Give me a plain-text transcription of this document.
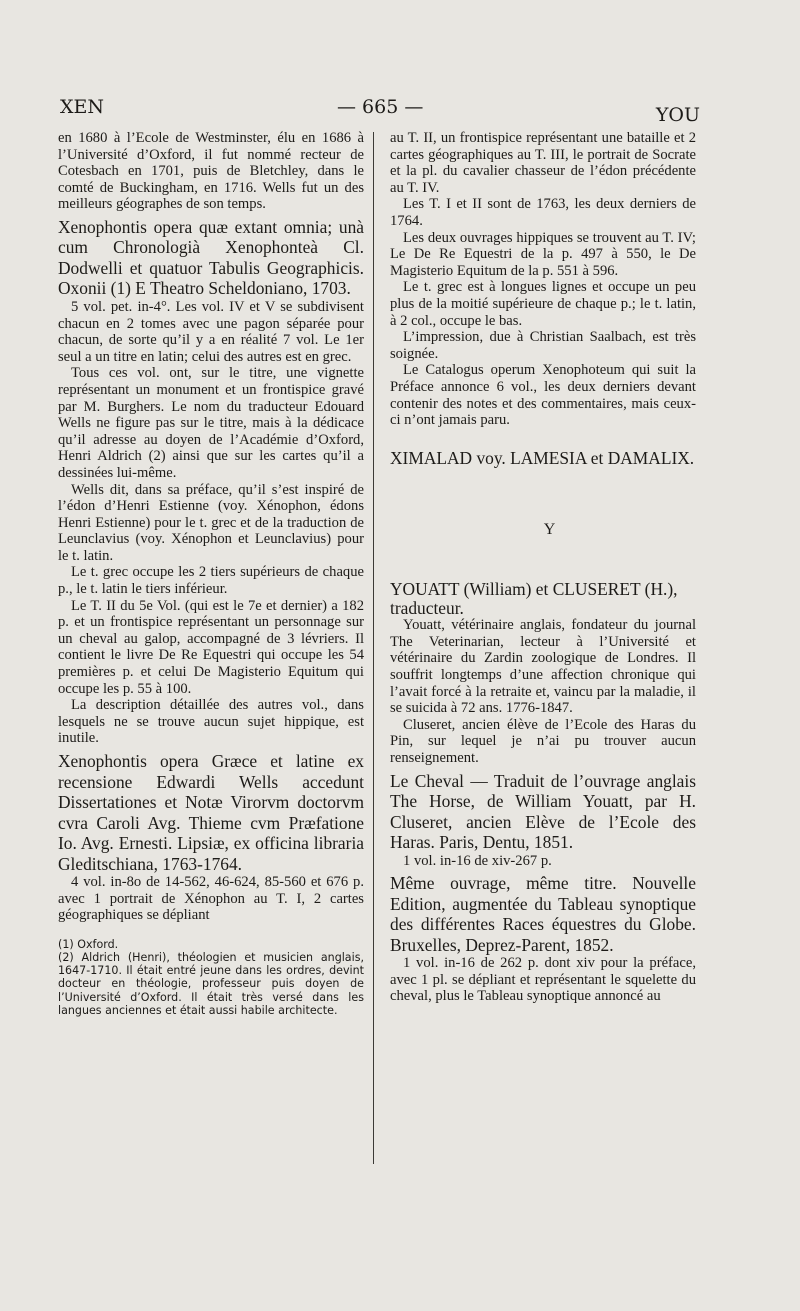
XEN	— 665 —	YOU

en 1680 à l’Ecole de Westminster, élu en 1686 à l’Université d’Oxford, il fut nommé recteur de Cotesbach en 1701, puis de Bletchley, dans le comté de Buckingham, en 1716. Wells fut un des meilleurs géographes de son temps.

Xenophontis opera quæ extant omnia; unà cum Chronologià Xenophonteà Cl. Dodwelli et quatuor Tabulis Geographicis. Oxonii (1) E Theatro Scheldoniano, 1703.

5 vol. pet. in-4°. Les vol. IV et V se subdivisent chacun en 2 tomes avec une pagon séparée pour chacun, de sorte qu’il y a en réalité 7 vol. Le 1er seul a un titre en latin; celui des autres est en grec.

Tous ces vol. ont, sur le titre, une vignette représentant un monument et un frontispice gravé par M. Burghers. Le nom du traducteur Edouard Wells ne figure pas sur le titre, mais à la dédicace qu’il adresse au doyen de l’Académie d’Oxford, Henri Aldrich (2) ainsi que sur les cartes qu’il a dessinées lui-même.

Wells dit, dans sa préface, qu’il s’est inspiré de l’édon d’Henri Estienne (voy. Xénophon, édons Henri Estienne) pour le t. grec et de la traduction de Leunclavius (voy. Xénophon et Leunclavius) pour le t. latin.

Le t. grec occupe les 2 tiers supérieurs de chaque p., le t. latin le tiers inférieur.

Le T. II du 5e Vol. (qui est le 7e et dernier) a 182 p. et un frontispice représentant un personnage sur un cheval au galop, accompagné de 3 lévriers. Il contient le livre De Re Equestri qui occupe les 54 premières p. et celui De Magisterio Equitum qui occupe les p. 55 à 100.

La description détaillée des autres vol., dans lesquels ne se trouve aucun sujet hippique, est inutile.

Xenophontis opera Græce et latine ex recensione Edwardi Wells accedunt Dissertationes et Notæ Virorvm doctorvm cvra Caroli Avg. Thieme cvm Præfatione Io. Avg. Ernesti. Lipsiæ, ex officina libraria Gleditschiana, 1763-1764.

4 vol. in-8o de 14-562, 46-624, 85-560 et 676 p. avec 1 portrait de Xénophon au T. I, 2 cartes géographiques se dépliant

(1) Oxford.

(2) Aldrich (Henri), théologien et musicien anglais, 1647-1710. Il était entré jeune dans les ordres, devint docteur en théologie, professeur puis doyen de l’Université d’Oxford. Il était très versé dans les langues anciennes et était aussi habile architecte.

au T. II, un frontispice représentant une bataille et 2 cartes géographiques au T. III, le portrait de Socrate et la pl. du cavalier chasseur de l’édon précédente au T. IV.

Les T. I et II sont de 1763, les deux derniers de 1764.

Les deux ouvrages hippiques se trouvent au T. IV; Le De Re Equestri de la p. 497 à 550, le De Magisterio Equitum de la p. 551 à 596.

Le t. grec est à longues lignes et occupe un peu plus de la moitié supérieure de chaque p.; le t. latin, à 2 col., occupe le bas.

L’impression, due à Christian Saalbach, est très soignée.

Le Catalogus operum Xenophoteum qui suit la Préface annonce 6 vol., les deux derniers devant contenir des notes et des commentaires, mais ceux-ci n’ont jamais paru.

XIMALAD voy. LAMESIA et DAMALIX.

Y

YOUATT (William) et CLUSERET (H.), traducteur.

Youatt, vétérinaire anglais, fondateur du journal The Veterinarian, lecteur à l’Université et vétérinaire du Zardin zoologique de Londres. Il souffrit longtemps d’une affection chronique qui l’avait forcé à la retraite et, vaincu par la maladie, il se suicida à 72 ans. 1776-1847.

Cluseret, ancien élève de l’Ecole des Haras du Pin, sur lequel je n’ai pu trouver aucun renseignement.

Le Cheval — Traduit de l’ouvrage anglais The Horse, de William Youatt, par H. Cluseret, ancien Elève de l’Ecole des Haras. Paris, Dentu, 1851.

1 vol. in-16 de xiv-267 p.

Même ouvrage, même titre. Nouvelle Edition, augmentée du Tableau synoptique des différentes Races équestres du Globe. Bruxelles, Deprez-Parent, 1852.

1 vol. in-16 de 262 p. dont xiv pour la préface, avec 1 pl. se dépliant et représentant le squelette du cheval, plus le Tableau synoptique annoncé au
